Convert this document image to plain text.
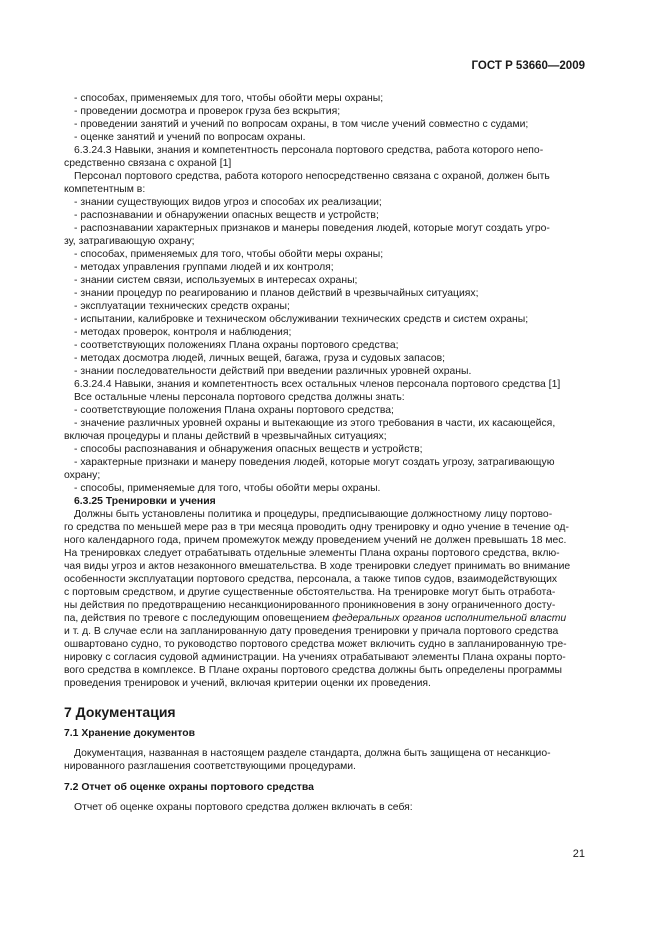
ГОСТ Р 53660—2009

- способах, применяемых для того, чтобы обойти меры охраны;

- проведении досмотра и проверок груза без вскрытия;

- проведении занятий и учений по вопросам охраны, в том числе учений совместно с судами;

- оценке занятий и учений по вопросам охраны.

6.3.24.3 Навыки, знания и компетентность персонала портового средства, работа которого непо-

средственно связана с охраной [1]

Персонал портового средства, работа которого непосредственно связана с охраной, должен быть

компетентным в:

- знании существующих видов угроз и способах их реализации;

- распознавании и обнаружении опасных веществ и устройств;

- распознавании характерных признаков и манеры поведения людей, которые могут создать угро-

зу, затрагивающую охрану;

- способах, применяемых для того, чтобы обойти меры охраны;

- методах управления группами людей и их контроля;

- знании систем связи, используемых в интересах охраны;

- знании процедур по реагированию и планов действий в чрезвычайных ситуациях;

- эксплуатации технических средств охраны;

- испытании, калибровке и техническом обслуживании технических средств и систем охраны;

- методах проверок, контроля и наблюдения;

- соответствующих положениях Плана охраны портового средства;

- методах досмотра людей, личных вещей, багажа, груза и судовых запасов;

- знании последовательности действий при введении различных уровней охраны.

6.3.24.4 Навыки, знания и компетентность всех остальных членов персонала портового средства [1]

Все остальные члены персонала портового средства должны знать:

- соответствующие положения Плана охраны портового средства;

- значение различных уровней охраны и вытекающие из этого требования в части, их касающейся,

включая процедуры и планы действий в чрезвычайных ситуациях;

- способы распознавания и обнаружения опасных веществ и устройств;

- характерные признаки и манеру поведения людей, которые могут создать угрозу, затрагивающую

охрану;

- способы, применяемые для того, чтобы обойти меры охраны.

6.3.25 Тренировки и учения

Должны быть установлены политика и процедуры, предписывающие должностному лицу портово-

го средства по меньшей мере раз в три месяца проводить одну тренировку и одно учение в течение од-

ного календарного года, причем промежуток между проведением учений не должен превышать 18 мес.

На тренировках следует отрабатывать отдельные элементы Плана охраны портового средства, вклю-

чая виды угроз и актов незаконного вмешательства. В ходе тренировки следует принимать во внимание

особенности эксплуатации портового средства, персонала, а также типов судов, взаимодействующих

с портовым средством, и другие существенные обстоятельства. На тренировке могут быть отработа-

ны действия по предотвращению несанкционированного проникновения в зону ограниченного досту-

па, действия по тревоге с последующим оповещением федеральных органов исполнительной власти

и т. д. В случае если на запланированную дату проведения тренировки у причала портового средства

ошвартовано судно, то руководство портового средства может включить судно в запланированную тре-

нировку с согласия судовой администрации. На учениях отрабатывают элементы Плана охраны порто-

вого средства в комплексе. В Плане охраны портового средства должны быть определены программы

проведения тренировок и учений, включая критерии оценки их проведения.

7 Документация

7.1 Хранение документов

Документация, названная в настоящем разделе стандарта, должна быть защищена от несанкцио-

нированного разглашения соответствующими процедурами.

7.2 Отчет об оценке охраны портового средства

Отчет об оценке охраны портового средства должен включать в себя:

21
